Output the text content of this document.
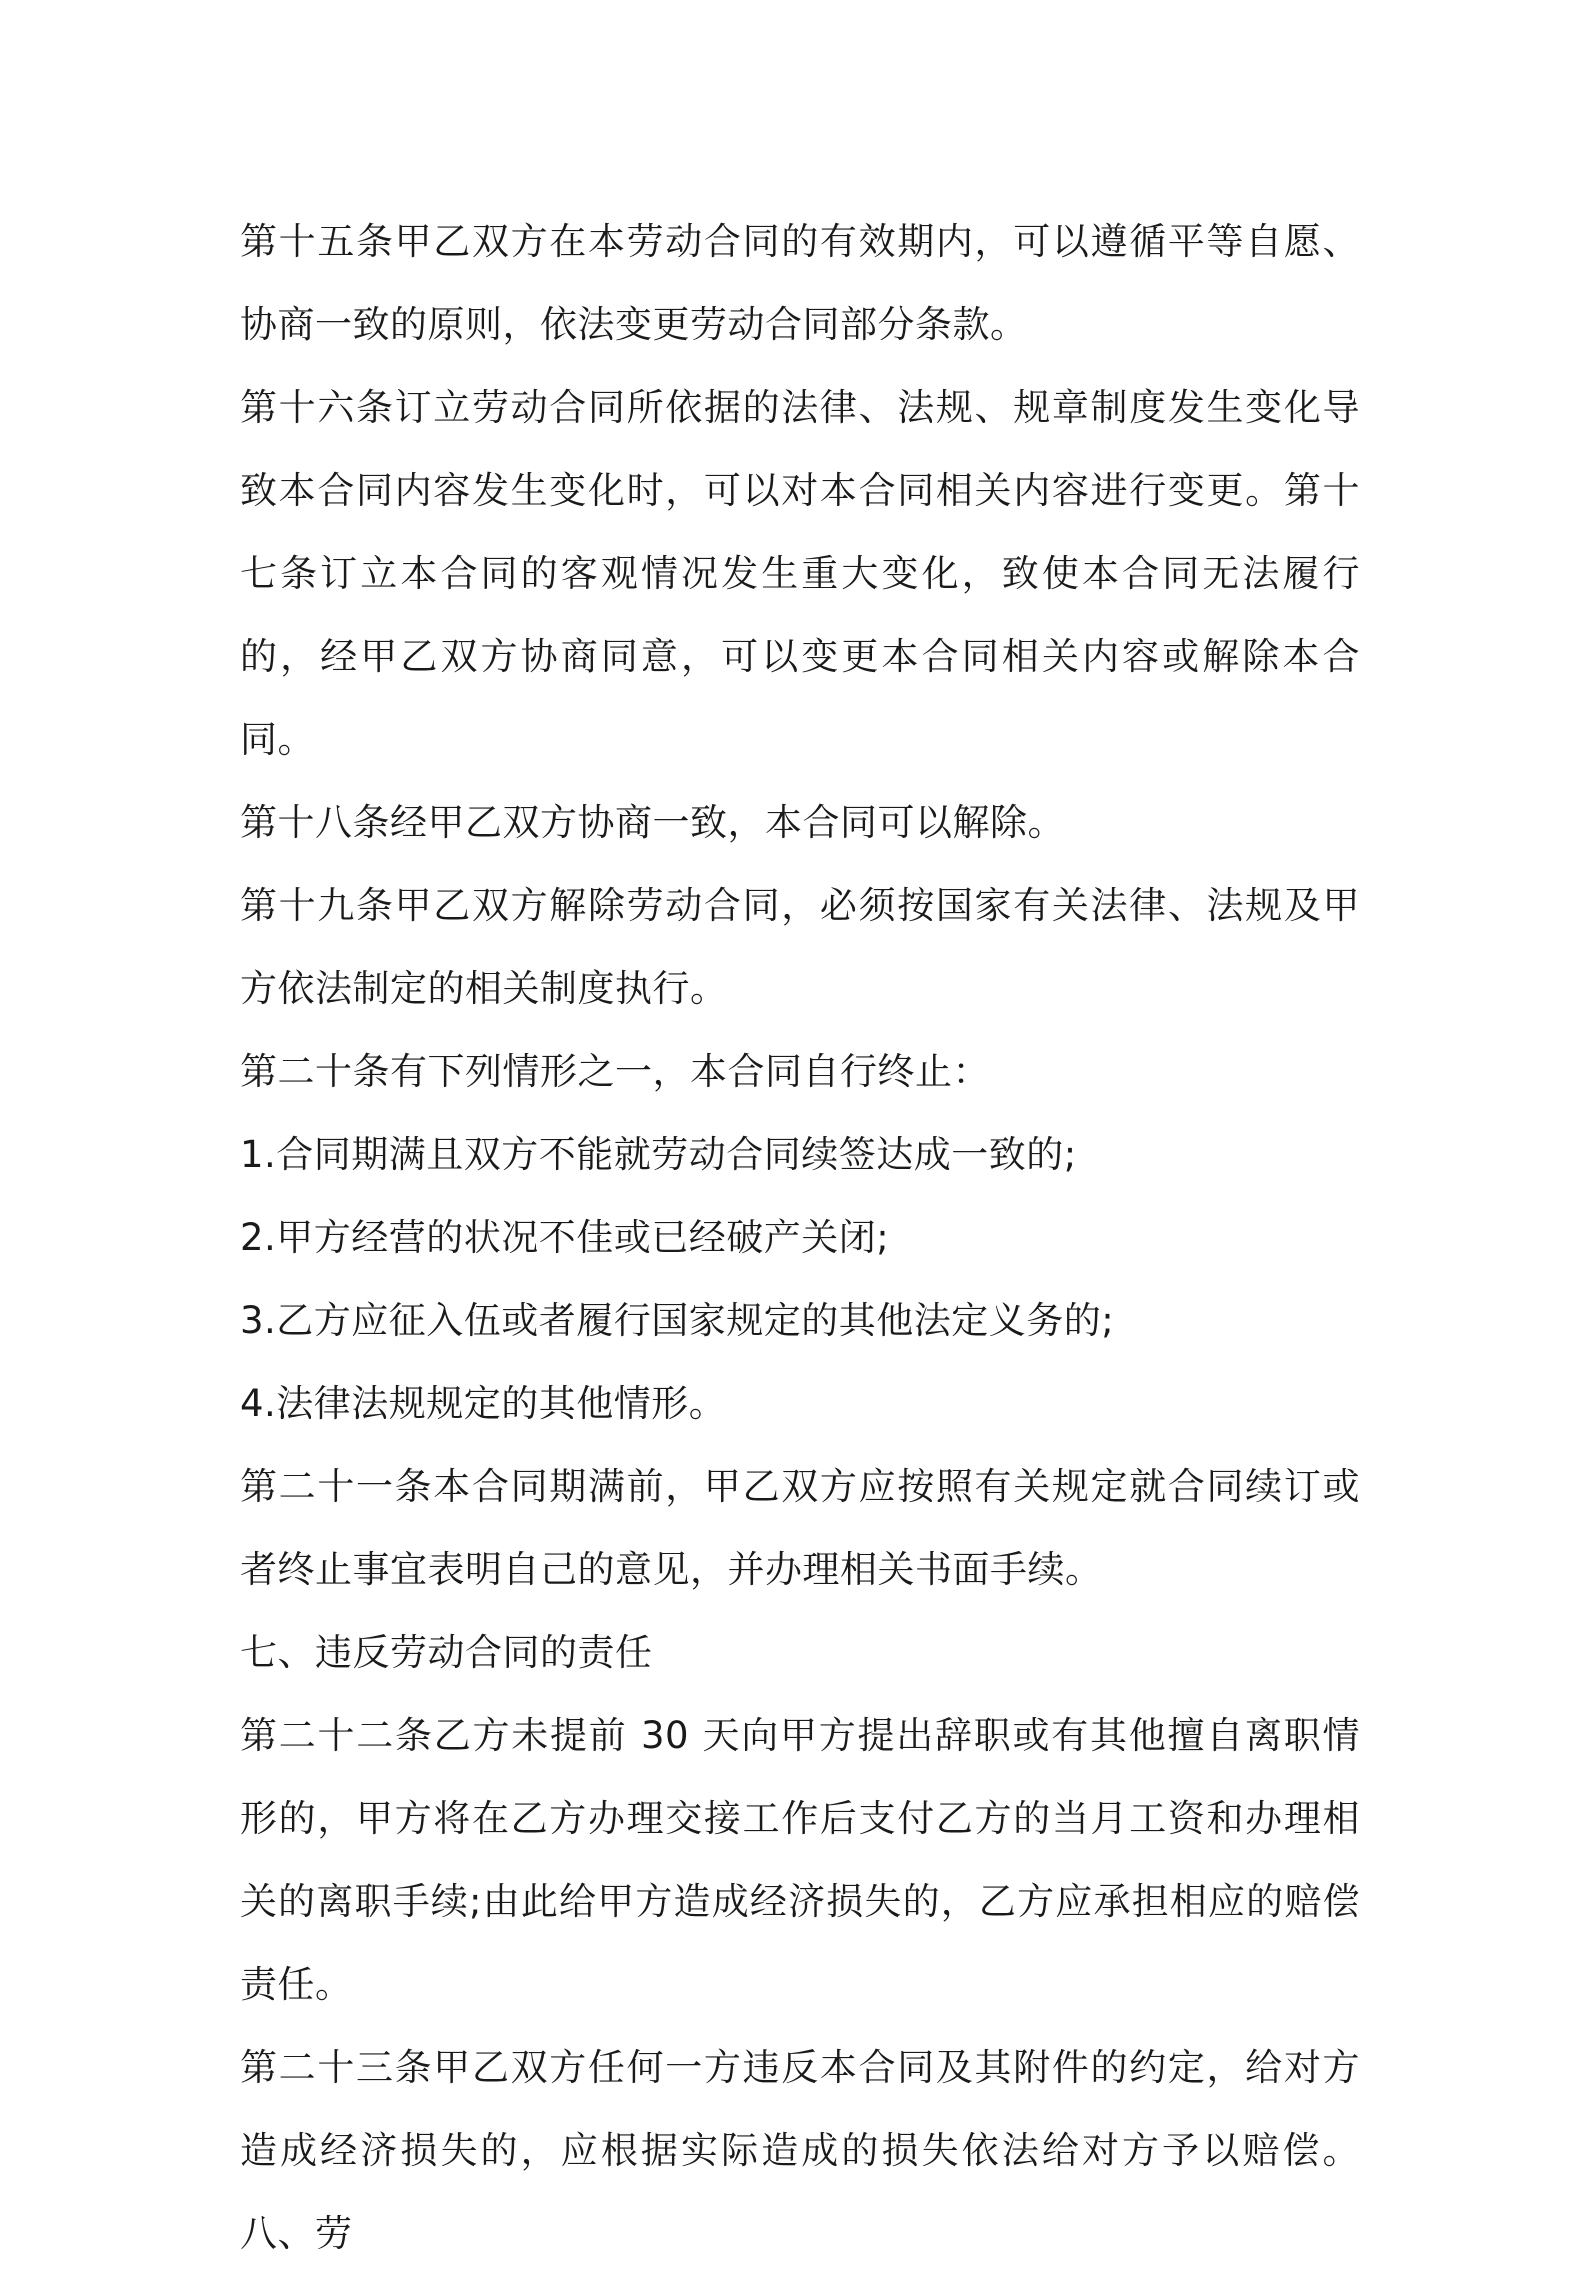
第十五条甲乙双方在本劳动合同的有效期内，可以遵循平等自愿、协商一致的原则，依法变更劳动合同部分条款。

第十六条订立劳动合同所依据的法律、法规、规章制度发生变化导致本合同内容发生变化时，可以对本合同相关内容进行变更。第十七条订立本合同的客观情况发生重大变化，致使本合同无法履行的，经甲乙双方协商同意，可以变更本合同相关内容或解除本合同。

第十八条经甲乙双方协商一致，本合同可以解除。

第十九条甲乙双方解除劳动合同，必须按国家有关法律、法规及甲方依法制定的相关制度执行。

第二十条有下列情形之一，本合同自行终止：

1.合同期满且双方不能就劳动合同续签达成一致的;

2.甲方经营的状况不佳或已经破产关闭;

3.乙方应征入伍或者履行国家规定的其他法定义务的;

4.法律法规规定的其他情形。

第二十一条本合同期满前，甲乙双方应按照有关规定就合同续订或者终止事宜表明自己的意见，并办理相关书面手续。

七、违反劳动合同的责任

第二十二条乙方未提前 30 天向甲方提出辞职或有其他擅自离职情形的，甲方将在乙方办理交接工作后支付乙方的当月工资和办理相关的离职手续;由此给甲方造成经济损失的，乙方应承担相应的赔偿责任。

第二十三条甲乙双方任何一方违反本合同及其附件的约定，给对方造成经济损失的，应根据实际造成的损失依法给对方予以赔偿。八、劳
